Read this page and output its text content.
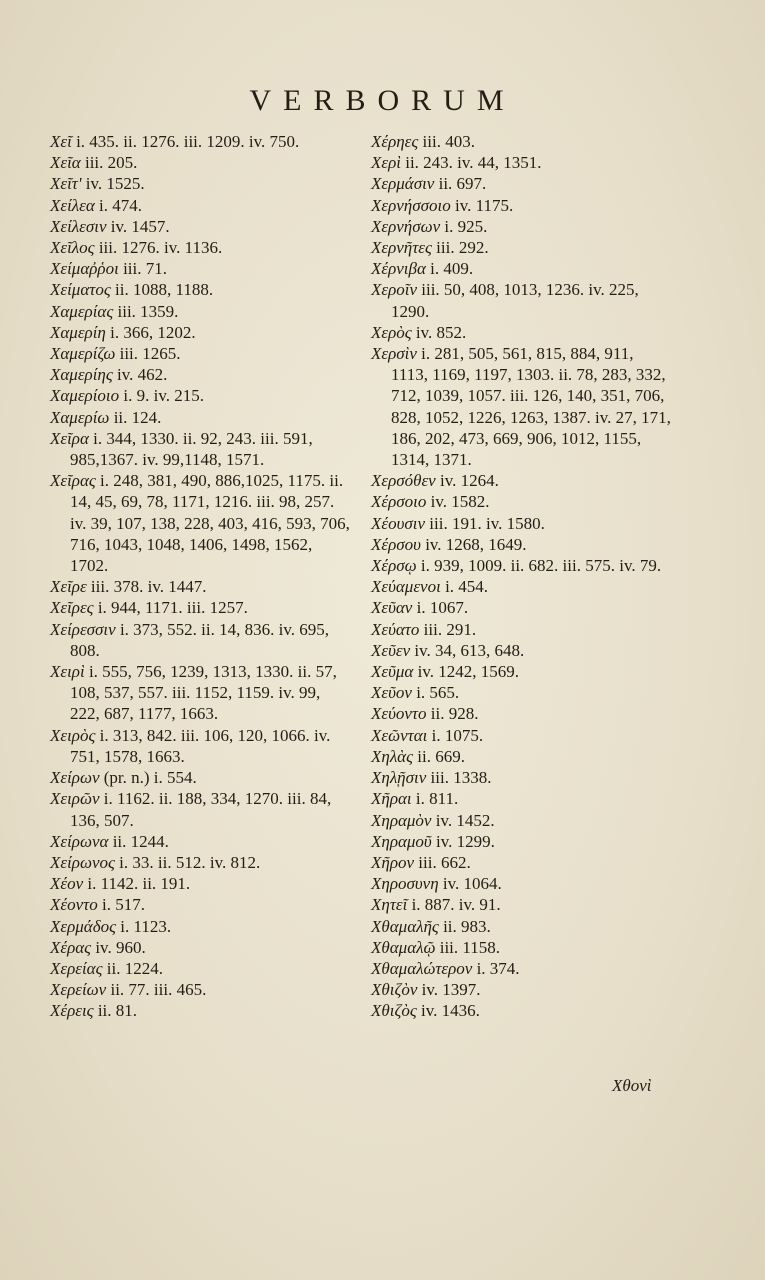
VERBORUM
Χεῖ i. 435. ii. 1276. iii. 1209. iv. 750.
Χεῖα iii. 205.
Χεῖτ' iv. 1525.
Χείλεα i. 474.
Χείλεσιν iv. 1457.
Χεῖλος iii. 1276. iv. 1136.
Χείμαῤῥοι iii. 71.
Χείματος ii. 1088, 1188.
Χαμερίας iii. 1359.
Χαμερίη i. 366, 1202.
Χαμερίζω iii. 1265.
Χαμερίης iv. 462.
Χαμερίοιο i. 9. iv. 215.
Χαμερίω ii. 124.
Χεῖρα i. 344, 1330. ii. 92, 243. iii. 591, 985,1367. iv. 99,1148, 1571.
Χεῖρας i. 248, 381, 490, 886,1025, 1175. ii. 14, 45, 69, 78, 1171, 1216. iii. 98, 257. iv. 39, 107, 138, 228, 403, 416, 593, 706, 716, 1043, 1048, 1406, 1498, 1562, 1702.
Χεῖρε iii. 378. iv. 1447.
Χεῖρες i. 944, 1171. iii. 1257.
Χείρεσσιν i. 373, 552. ii. 14, 836. iv. 695, 808.
Χειρὶ i. 555, 756, 1239, 1313, 1330. ii. 57, 108, 537, 557. iii. 1152, 1159. iv. 99, 222, 687, 1177, 1663.
Χειρὸς i. 313, 842. iii. 106, 120, 1066. iv. 751, 1578, 1663.
Χείρων (pr. n.) i. 554.
Χειρῶν i. 1162. ii. 188, 334, 1270. iii. 84, 136, 507.
Χείρωνα ii. 1244.
Χείρωνος i. 33. ii. 512. iv. 812.
Χέον i. 1142. ii. 191.
Χέοντο i. 517.
Χερμάδος i. 1123.
Χέρας iv. 960.
Χερείας ii. 1224.
Χερείων ii. 77. iii. 465.
Χέρεις ii. 81.
Χέρηες iii. 403.
Χερὶ ii. 243. iv. 44, 1351.
Χερμάσιν ii. 697.
Χερνήσσοιο iv. 1175.
Χερνήσων i. 925.
Χερνῆτες iii. 292.
Χέρνιβα i. 409.
Χεροῖν iii. 50, 408, 1013, 1236. iv. 225, 1290.
Χερὸς iv. 852.
Χερσὶν i. 281, 505, 561, 815, 884, 911, 1113, 1169, 1197, 1303. ii. 78, 283, 332, 712, 1039, 1057. iii. 126, 140, 351, 706, 828, 1052, 1226, 1263, 1387. iv. 27, 171, 186, 202, 473, 669, 906, 1012, 1155, 1314, 1371.
Χερσόθεν iv. 1264.
Χέρσοιο iv. 1582.
Χέουσιν iii. 191. iv. 1580.
Χέρσου iv. 1268, 1649.
Χέρσῳ i. 939, 1009. ii. 682. iii. 575. iv. 79.
Χεύαμενοι i. 454.
Χεῦαν i. 1067.
Χεύατο iii. 291.
Χεῦεν iv. 34, 613, 648.
Χεῦμα iv. 1242, 1569.
Χεῦον i. 565.
Χεύοντο ii. 928.
Χεῶνται i. 1075.
Χηλὰς ii. 669.
Χηλῇσιν iii. 1338.
Χῆραι i. 811.
Χηραμὸν iv. 1452.
Χηραμοῦ iv. 1299.
Χῆρον iii. 662.
Χηροσυνη iv. 1064.
Χητεῖ i. 887. iv. 91.
Χθαμαλῆς ii. 983.
Χθαμαλῷ iii. 1158.
Χθαμαλώτερον i. 374.
Χθιζὸν iv. 1397.
Χθιζὸς iv. 1436.
Χθονὶ
